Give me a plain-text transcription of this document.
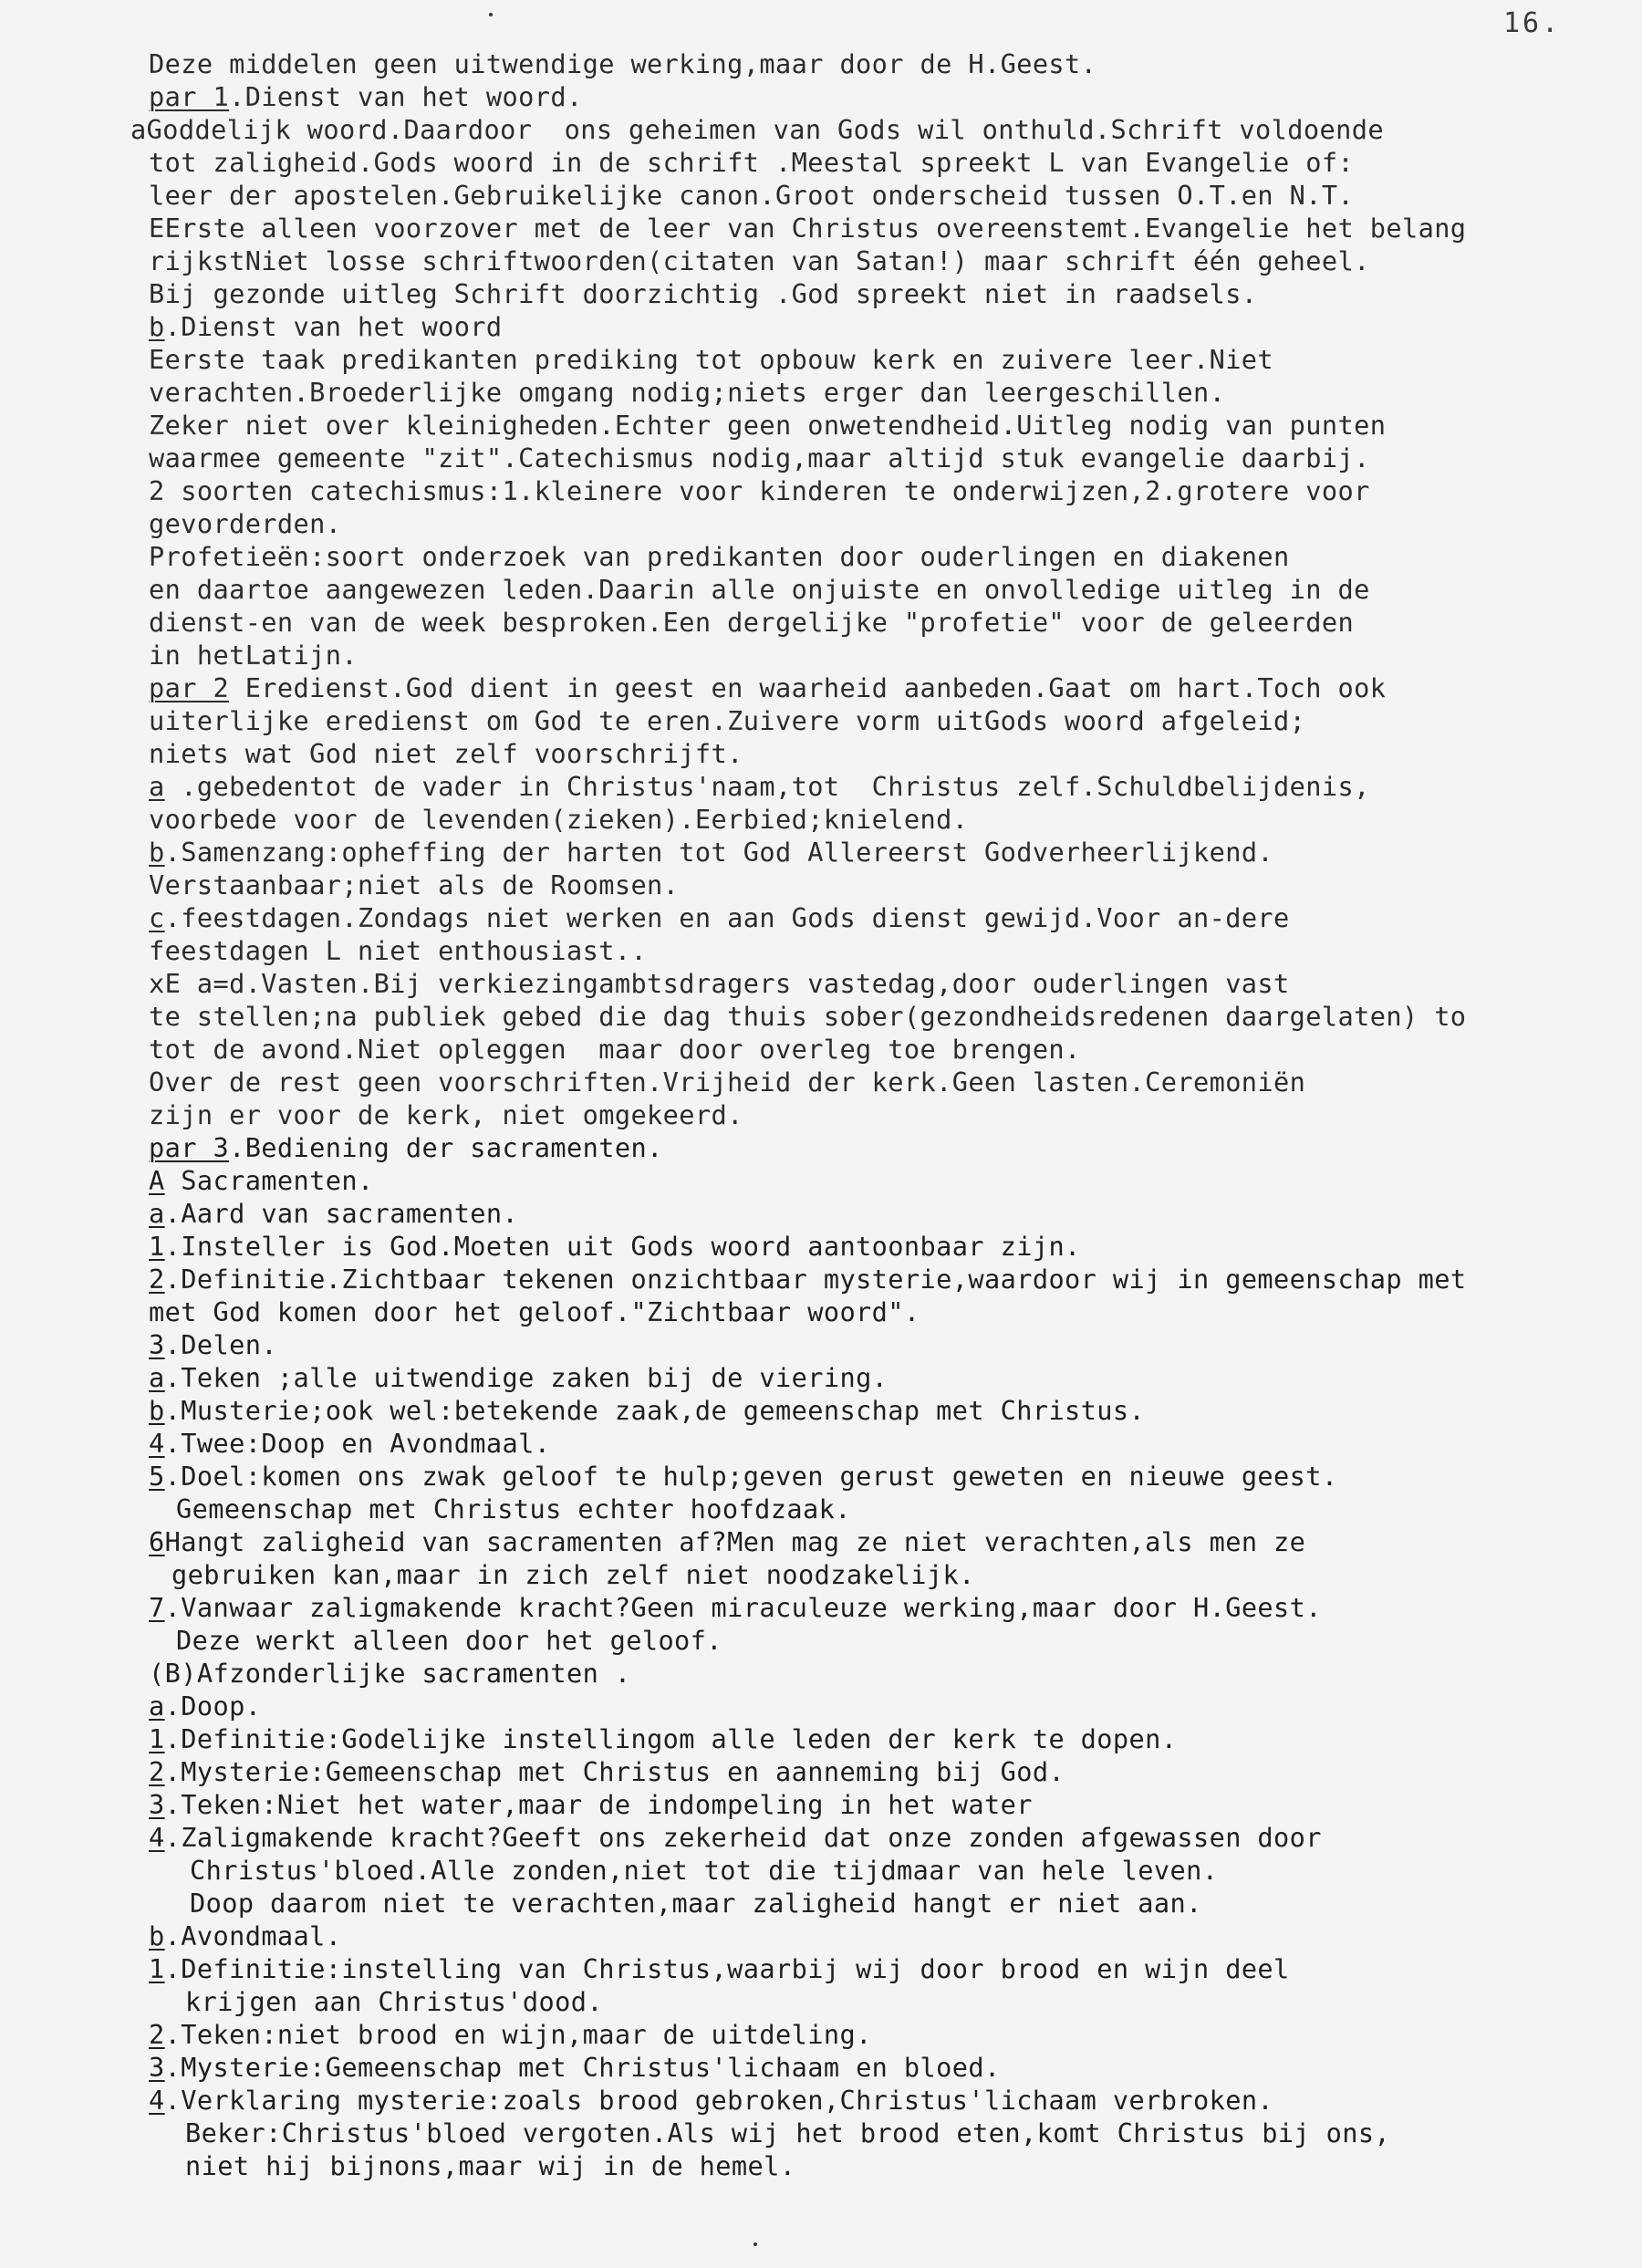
16.
Deze middelen geen uitwendige werking,maar door de H.Geest.
par 1.Dienst van het woord.
aGoddelijk woord.Daardoor  ons geheimen van Gods wil onthuld.Schrift voldoende
tot zaligheid.Gods woord in de schrift .Meestal spreekt L van Evangelie of:
leer der apostelen.Gebruikelijke canon.Groot onderscheid tussen O.T.en N.T.
EErste alleen voorzover met de leer van Christus overeenstemt.Evangelie het belang
rijkstNiet losse schriftwoorden(citaten van Satan!) maar schrift één geheel.
Bij gezonde uitleg Schrift doorzichtig .God spreekt niet in raadsels.
b.Dienst van het woord
Eerste taak predikanten prediking tot opbouw kerk en zuivere leer.Niet
verachten.Broederlijke omgang nodig;niets erger dan leergeschillen.
Zeker niet over kleinigheden.Echter geen onwetendheid.Uitleg nodig van punten
waarmee gemeente "zit".Catechismus nodig,maar altijd stuk evangelie daarbij.
2 soorten catechismus:1.kleinere voor kinderen te onderwijzen,2.grotere voor
gevorderden.
Profetieën:soort onderzoek van predikanten door ouderlingen en diakenen
en daartoe aangewezen leden.Daarin alle onjuiste en onvolledige uitleg in de
dienst-en van de week besproken.Een dergelijke "profetie" voor de geleerden
in hetLatijn.
par 2 Eredienst.God dient in geest en waarheid aanbeden.Gaat om hart.Toch ook
uiterlijke eredienst om God te eren.Zuivere vorm uitGods woord afgeleid;
niets wat God niet zelf voorschrijft.
a .gebedentot de vader in Christus'naam,tot  Christus zelf.Schuldbelijdenis,
voorbede voor de levenden(zieken).Eerbied;knielend.
b.Samenzang:opheffing der harten tot God Allereerst Godverheerlijkend.
Verstaanbaar;niet als de Roomsen.
c.feestdagen.Zondags niet werken en aan Gods dienst gewijd.Voor an-dere
feestdagen L niet enthousiast..
xE a=d.Vasten.Bij verkiezingambtsdragers vastedag,door ouderlingen vast
te stellen;na publiek gebed die dag thuis sober(gezondheidsredenen daargelaten) to
tot de avond.Niet opleggen  maar door overleg toe brengen.
Over de rest geen voorschriften.Vrijheid der kerk.Geen lasten.Ceremoniën
zijn er voor de kerk, niet omgekeerd.
par 3.Bediening der sacramenten.
A Sacramenten.
a.Aard van sacramenten.
1.Insteller is God.Moeten uit Gods woord aantoonbaar zijn.
2.Definitie.Zichtbaar tekenen onzichtbaar mysterie,waardoor wij in gemeenschap met
met God komen door het geloof."Zichtbaar woord".
3.Delen.
a.Teken ;alle uitwendige zaken bij de viering.
b.Musterie;ook wel:betekende zaak,de gemeenschap met Christus.
4.Twee:Doop en Avondmaal.
5.Doel:komen ons zwak geloof te hulp;geven gerust geweten en nieuwe geest.
Gemeenschap met Christus echter hoofdzaak.
6Hangt zaligheid van sacramenten af?Men mag ze niet verachten,als men ze
gebruiken kan,maar in zich zelf niet noodzakelijk.
7.Vanwaar zaligmakende kracht?Geen miraculeuze werking,maar door H.Geest.
Deze werkt alleen door het geloof.
(B)Afzonderlijke sacramenten .
a.Doop.
1.Definitie:Godelijke instellingom alle leden der kerk te dopen.
2.Mysterie:Gemeenschap met Christus en aanneming bij God.
3.Teken:Niet het water,maar de indompeling in het water
4.Zaligmakende kracht?Geeft ons zekerheid dat onze zonden afgewassen door
Christus'bloed.Alle zonden,niet tot die tijdmaar van hele leven.
Doop daarom niet te verachten,maar zaligheid hangt er niet aan.
b.Avondmaal.
1.Definitie:instelling van Christus,waarbij wij door brood en wijn deel
krijgen aan Christus'dood.
2.Teken:niet brood en wijn,maar de uitdeling.
3.Mysterie:Gemeenschap met Christus'lichaam en bloed.
4.Verklaring mysterie:zoals brood gebroken,Christus'lichaam verbroken.
Beker:Christus'bloed vergoten.Als wij het brood eten,komt Christus bij ons,
niet hij bijnons,maar wij in de hemel.
